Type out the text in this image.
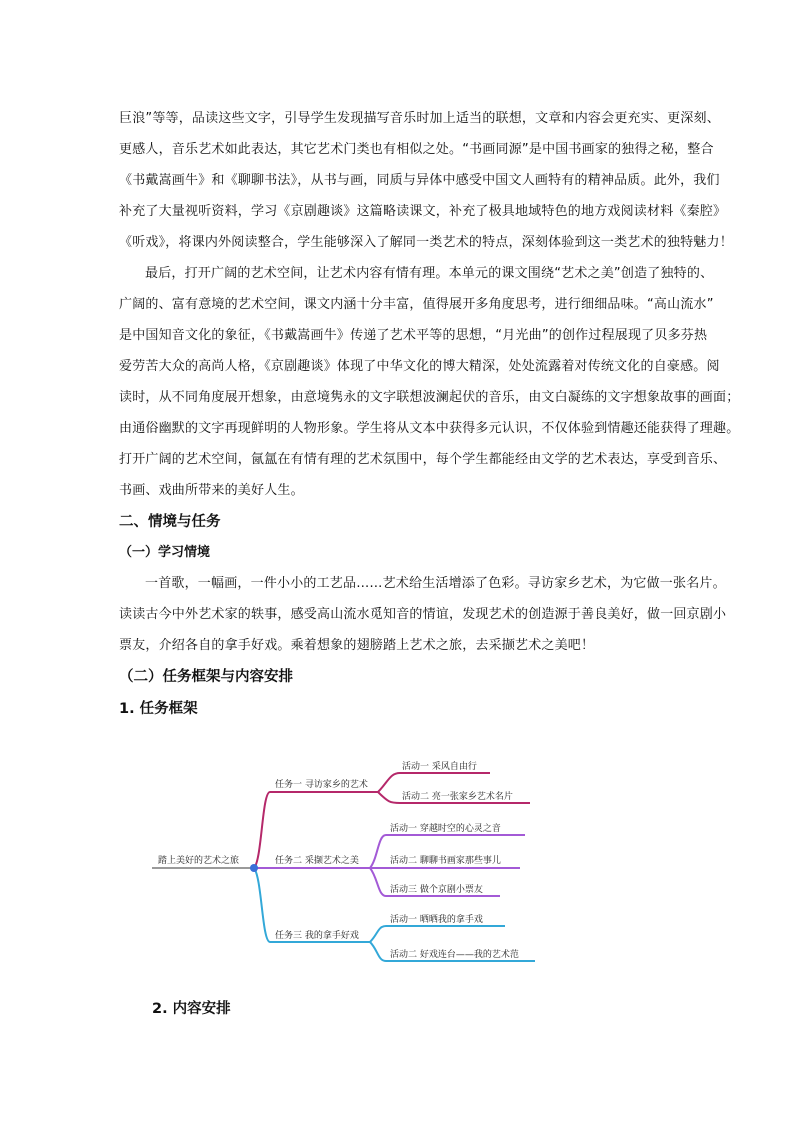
巨浪”等等，品读这些文字，引导学生发现描写音乐时加上适当的联想，文章和内容会更充实、更深刻、
更感人，音乐艺术如此表达，其它艺术门类也有相似之处。“书画同源”是中国书画家的独得之秘，整合
《书戴嵩画牛》和《聊聊书法》，从书与画，同质与异体中感受中国文人画特有的精神品质。此外，我们
补充了大量视听资料，学习《京剧趣谈》这篇略读课文，补充了极具地域特色的地方戏阅读材料《秦腔》
《听戏》，将课内外阅读整合，学生能够深入了解同一类艺术的特点，深刻体验到这一类艺术的独特魅力！
最后，打开广阔的艺术空间，让艺术内容有情有理。本单元的课文围绕“艺术之美”创造了独特的、
广阔的、富有意境的艺术空间，课文内涵十分丰富，值得展开多角度思考，进行细细品味。“高山流水”
是中国知音文化的象征，《书戴嵩画牛》传递了艺术平等的思想，“月光曲”的创作过程展现了贝多芬热
爱劳苦大众的高尚人格，《京剧趣谈》体现了中华文化的博大精深，处处流露着对传统文化的自豪感。阅
读时，从不同角度展开想象，由意境隽永的文字联想波澜起伏的音乐，由文白凝练的文字想象故事的画面；
由通俗幽默的文字再现鲜明的人物形象。学生将从文本中获得多元认识，不仅体验到情趣还能获得了理趣。
打开广阔的艺术空间，氤氲在有情有理的艺术氛围中，每个学生都能经由文学的艺术表达，享受到音乐、
书画、戏曲所带来的美好人生。
二、情境与任务
（一）学习情境
一首歌，一幅画，一件小小的工艺品……艺术给生活增添了色彩。寻访家乡艺术，为它做一张名片。
读读古今中外艺术家的轶事，感受高山流水觅知音的情谊，发现艺术的创造源于善良美好，做一回京剧小
票友，介绍各自的拿手好戏。乘着想象的翅膀踏上艺术之旅，去采撷艺术之美吧！
（二）任务框架与内容安排
1. 任务框架
踏上美好的艺术之旅
任务一 寻访家乡的艺术
活动一 采风自由行
活动二 亮一张家乡艺术名片
任务二 采撷艺术之美
活动一 穿越时空的心灵之音
活动二 聊聊书画家那些事儿
活动三 做个京剧小票友
任务三 我的拿手好戏
活动一 晒晒我的拿手戏
活动二 好戏连台——我的艺术范
2. 内容安排
